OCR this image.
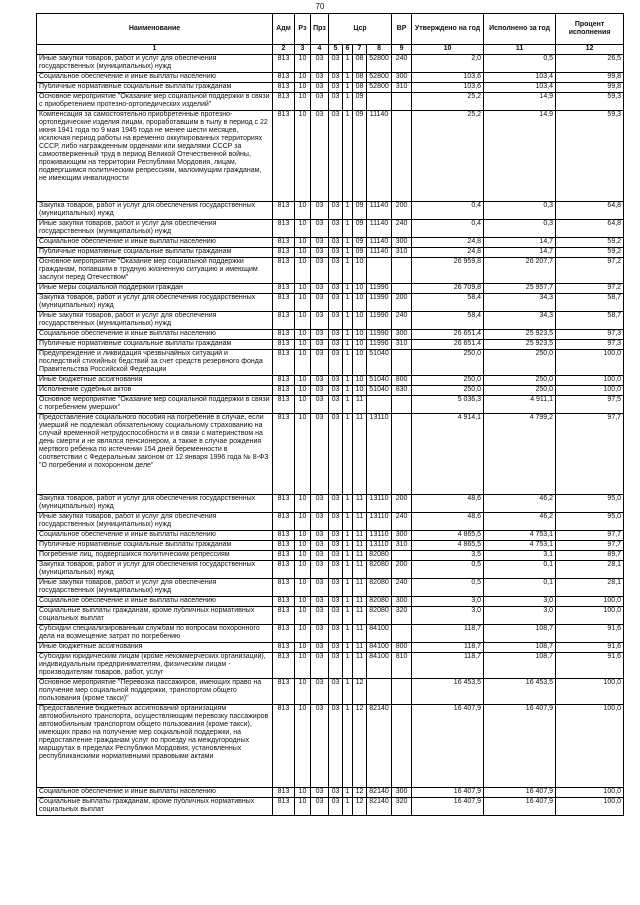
70
Наименование	Адм	Рз	Прз	Цср				ВР	Утверждено на год	Исполнено за год	Процент исполнения
1	2	3	4	5	6	7	8	9	10	11	12
Иные закупки товаров, работ и услуг для обеспечения государственных (муниципальных) нужд	813	10	03	03	1	08	52800	240	2,0	0,5	26,5
Социальное обеспечение и иные выплаты населению	813	10	03	03	1	08	52800	300	103,6	103,4	99,8
Публичные нормативные социальные выплаты гражданам	813	10	03	03	1	08	52800	310	103,6	103,4	99,8
Основное мероприятие "Оказание мер социальной поддержки в связи с приобретением протезно-ортопедических изделий"	813	10	03	03	1	09			25,2	14,9	59,3
Компенсация за самостоятельно приобретенные протезно-ортопедические изделия лицам, проработавшим в тылу в период с 22 июня 1941 года по 9 мая 1945 года не менее шести месяцев, исключая период работы на временно оккупированных территориях СССР, либо награжденным орденами или медалями СССР за самоотверженный труд в период Великой Отечественной войны, проживающим на территории Республики Мордовия, лицам, подвергшимся политическим репрессиям, малоимущим гражданам, не имеющим инвалидности	813	10	03	03	1	09	11140		25,2	14,9	59,3
Закупка товаров, работ и услуг для обеспечения государственных (муниципальных) нужд	813	10	03	03	1	09	11140	200	0,4	0,3	64,8
Иные закупки товаров, работ и услуг для обеспечения государственных (муниципальных) нужд	813	10	03	03	1	09	11140	240	0,4	0,3	64,8
Социальное обеспечение и иные выплаты населению	813	10	03	03	1	09	11140	300	24,8	14,7	59,2
Публичные нормативные социальные выплаты гражданам	813	10	03	03	1	09	11140	310	24,8	14,7	59,2
Основное мероприятие "Оказание мер социальной поддержки гражданам, попавшим в трудную жизненную ситуацию и имеющим заслуги перед Отечеством"	813	10	03	03	1	10			26 959,8	26 207,7	97,2
Иные меры социальной поддержки граждан	813	10	03	03	1	10	11990		26 709,8	25 957,7	97,2
Закупка товаров, работ и услуг для обеспечения государственных (муниципальных) нужд	813	10	03	03	1	10	11990	200	58,4	34,3	58,7
Иные закупки товаров, работ и услуг для обеспечения государственных (муниципальных) нужд	813	10	03	03	1	10	11990	240	58,4	34,3	58,7
Социальное обеспечение и иные выплаты населению	813	10	03	03	1	10	11990	300	26 651,4	25 923,5	97,3
Публичные нормативные социальные выплаты гражданам	813	10	03	03	1	10	11990	310	26 651,4	25 923,5	97,3
Предупреждение и ликвидация чрезвычайных ситуаций и последствий стихийных бедствий за счет средств резервного фонда Правительства Российской Федерации	813	10	03	03	1	10	51040		250,0	250,0	100,0
Иные бюджетные ассигнования	813	10	03	03	1	10	51040	800	250,0	250,0	100,0
Исполнение судебных актов	813	10	03	03	1	10	51040	830	250,0	250,0	100,0
Основное мероприятие "Оказание мер социальной поддержки в связи с погребением умерших"	813	10	03	03	1	11			5 036,3	4 911,1	97,5
Предоставление социального пособия на погребение в случае, если умерший не подлежал обязательному социальному страхованию на случай временной нетрудоспособности и в связи с материнством на день смерти и не являлся пенсионером, а также в случае рождения мертвого ребенка по истечении 154 дней беременности в соответствии с Федеральным законом от 12 января 1996 года № 8-ФЗ "О погребении и похоронном деле"	813	10	03	03	1	11	13110		4 914,1	4 799,2	97,7
Закупка товаров, работ и услуг для обеспечения государственных (муниципальных) нужд	813	10	03	03	1	11	13110	200	48,6	46,2	95,0
Иные закупки товаров, работ и услуг для обеспечения государственных (муниципальных) нужд	813	10	03	03	1	11	13110	240	48,6	46,2	95,0
Социальное обеспечение и иные выплаты населению	813	10	03	03	1	11	13110	300	4 865,5	4 753,1	97,7
Публичные нормативные социальные выплаты гражданам	813	10	03	03	1	11	13110	310	4 865,5	4 753,1	97,7
Погребение лиц, подвергшихся политическим репрессиям	813	10	03	03	1	11	82080		3,5	3,1	89,7
Закупка товаров, работ и услуг для обеспечения государственных (муниципальных) нужд	813	10	03	03	1	11	82080	200	0,5	0,1	28,1
Иные закупки товаров, работ и услуг для обеспечения государственных (муниципальных) нужд	813	10	03	03	1	11	82080	240	0,5	0,1	28,1
Социальное обеспечение и иные выплаты населению	813	10	03	03	1	11	82080	300	3,0	3,0	100,0
Социальные выплаты гражданам, кроме публичных нормативных социальных выплат	813	10	03	03	1	11	82080	320	3,0	3,0	100,0
Субсидии специализированным службам по вопросам похоронного дела на возмещение затрат по погребению	813	10	03	03	1	11	84100		118,7	108,7	91,6
Иные бюджетные ассигнования	813	10	03	03	1	11	84100	800	118,7	108,7	91,6
Субсидии юридическим лицам (кроме некоммерческих организаций), индивидуальным предпринимателям, физическим лицам - производителям товаров, работ, услуг	813	10	03	03	1	11	84100	810	118,7	108,7	91,6
Основное мероприятие "Перевозка пассажиров, имеющих право на получение мер социальной поддержки, транспортом общего пользования (кроме такси)"	813	10	03	03	1	12			16 453,5	16 453,5	100,0
Предоставление бюджетных ассигнований организациям автомобильного транспорта, осуществляющим перевозку пассажиров автомобильным транспортом общего пользования (кроме такси), имеющих право на получение мер социальной поддержки, на предоставление гражданам услуг по проезду на междугородных маршрутах в пределах Республики Мордовия, установленных республиканскими нормативными правовыми актами	813	10	03	03	1	12	82140		16 407,9	16 407,9	100,0
Социальное обеспечение и иные выплаты населению	813	10	03	03	1	12	82140	300	16 407,9	16 407,9	100,0
Социальные выплаты гражданам, кроме публичных нормативных социальных выплат	813	10	03	03	1	12	82140	320	16 407,9	16 407,9	100,0
